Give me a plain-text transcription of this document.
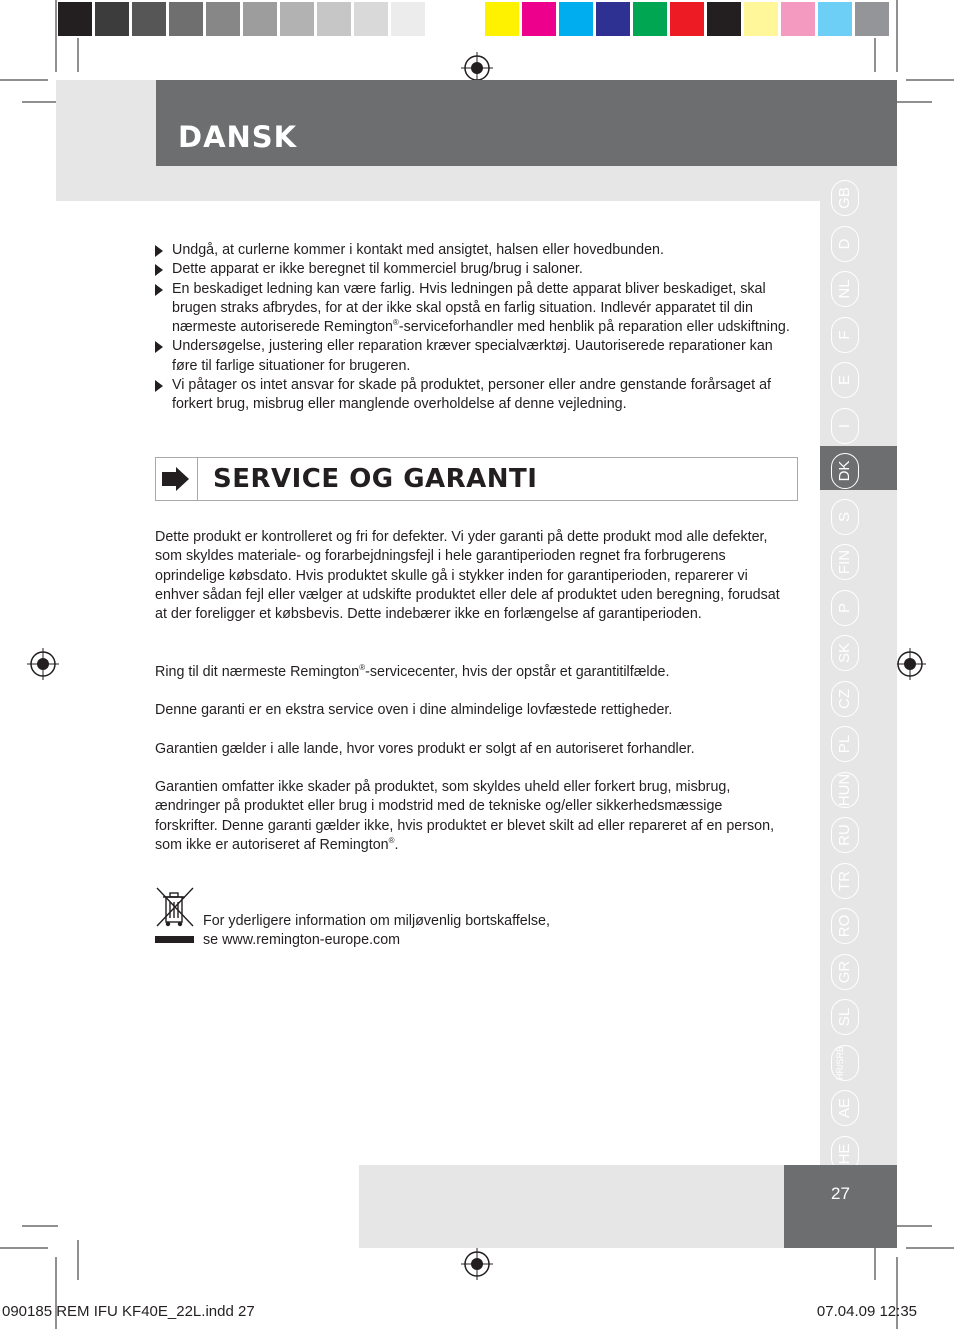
DANSK
GB
D
NL
F
E
I
DK
S
FIN
P
SK
CZ
PL
HUN
RU
TR
RO
GR
SL
HR/SRB
AE
HE
Undgå, at curlerne kommer i kontakt med ansigtet, halsen eller hovedbunden.
Dette apparat er ikke beregnet til kommerciel brug/brug i saloner.
En beskadiget ledning kan være farlig. Hvis ledningen på dette apparat bliver beskadiget, skal brugen straks afbrydes, for at der ikke skal opstå en farlig situation. Indlevér apparatet til din nærmeste autoriserede Remington®-serviceforhandler med henblik på reparation eller udskiftning.
Undersøgelse, justering eller reparation kræver specialværktøj. Uautoriserede reparationer kan føre til farlige situationer for brugeren.
Vi påtager os intet ansvar for skade på produktet, personer eller andre genstande forårsaget af forkert brug, misbrug eller manglende overholdelse af denne vejledning.
SERVICE OG GARANTI
Dette produkt er kontrolleret og fri for defekter. Vi yder garanti på dette produkt mod alle defekter, som skyldes materiale- og forarbejdningsfejl i hele garantiperioden regnet fra forbrugerens oprindelige købsdato. Hvis produktet skulle gå i stykker inden for garantiperioden, reparerer vi enhver sådan fejl eller vælger at udskifte produktet eller dele af produktet uden beregning, forudsat at der foreligger et købsbevis. Dette indebærer ikke en forlængelse af garantiperioden.
Ring til dit nærmeste Remington®-servicecenter, hvis der opstår et garantitilfælde.
Denne garanti er en ekstra service oven i dine almindelige lovfæstede rettigheder.
Garantien gælder i alle lande, hvor vores produkt er solgt af en autoriseret forhandler.
Garantien omfatter ikke skader på produktet, som skyldes uheld eller forkert brug, misbrug, ændringer på produktet eller brug i modstrid med de tekniske og/eller sikkerhedsmæssige forskrifter. Denne garanti gælder ikke, hvis produktet er blevet skilt ad eller repareret af en person, som ikke er autoriseret af Remington®.
For yderligere information om miljøvenlig bortskaffelse,
se www.remington-europe.com
27
090185 REM IFU KF40E_22L.indd 27	07.04.09 12:35
